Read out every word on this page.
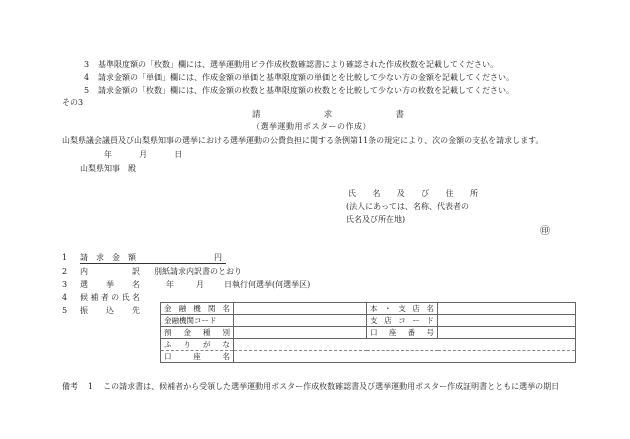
3 基準限度額の「枚数」欄には、選挙運動用ビラ作成枚数確認書により確認された作成枚数を記載してください。
4 請求金額の「単価」欄には、作成金額の単価と基準限度額の単価とを比較して少ない方の金額を記載してください。
5 請求金額の「枚数」欄には、作成金額の枚数と基準限度額の枚数とを比較して少ない方の枚数を記載してください。
その3
請	求	書
（選挙運動用ポスターの作成）
山梨県議会議員及び山梨県知事の選挙における選挙運動の公費負担に関する条例第11条の規定により、次の金額の支払を請求します。
年	月	日
山梨県知事　殿
氏 名 及 び 住 所
(法人にあっては、名称、代表者の
氏名及び所在地)
㊞
1 請 求 金 額	円
2 内	訳 別紙請求内訳書のとおり
3 選 挙 名	年	月	日執行何選挙(何選挙区)
4 候 補 者 の 氏 名
5 振 込 先	金 融 機 関 名		本 ・ 支 店 名	

金融機関コード		支 店 コ ー ド	

預 金 種 別		口 座 番 号	

ふ り が な			

口 座 名			

備考 1 この請求書は、候補者から受領した選挙運動用ポスター作成枚数確認書及び選挙運動用ポスター作成証明書とともに選挙の期日
